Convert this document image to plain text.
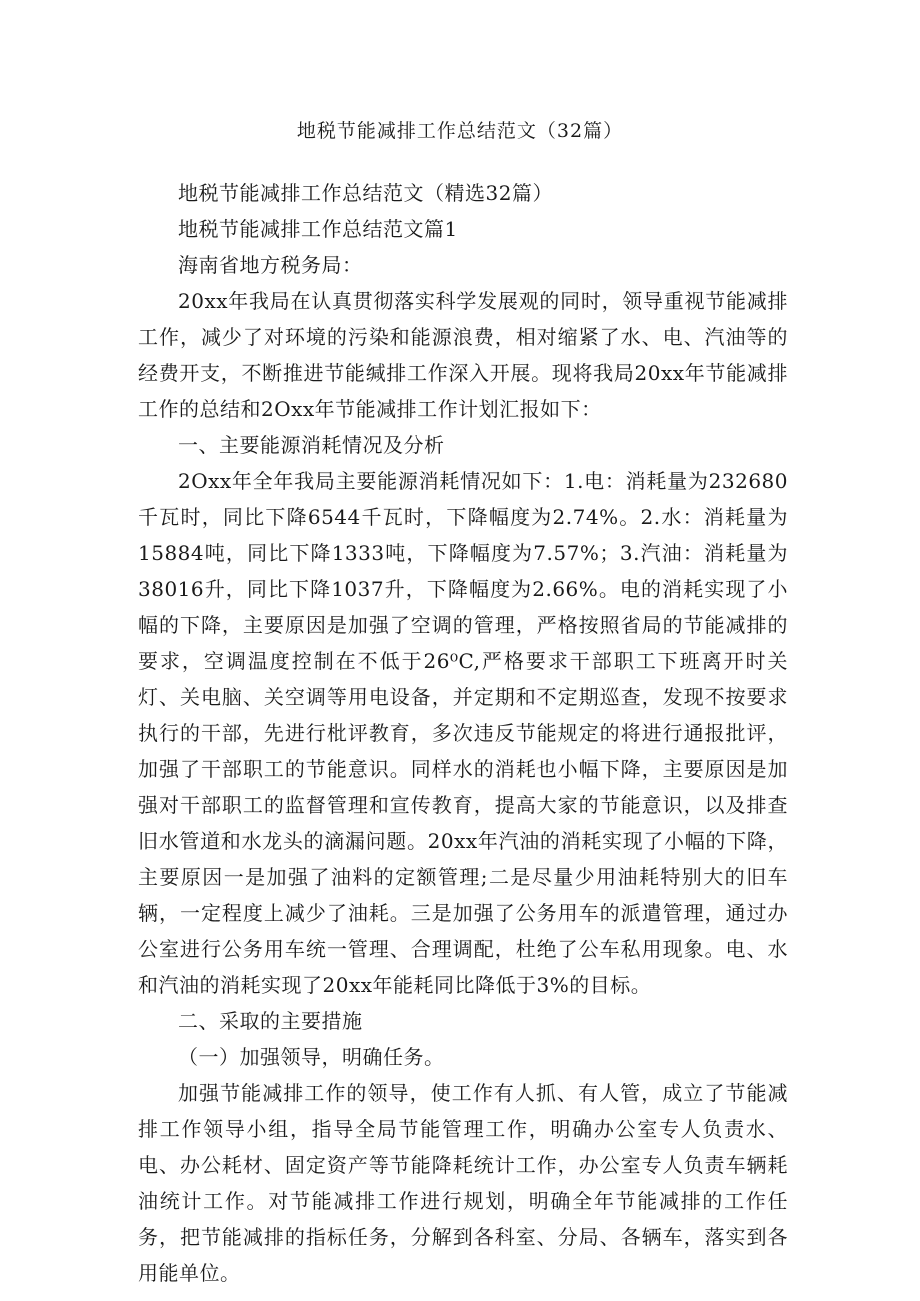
地税节能减排工作总结范文（32篇）

地税节能减排工作总结范文（精选32篇）

地税节能减排工作总结范文篇1

海南省地方税务局：

20xx年我局在认真贯彻落实科学发展观的同时，领导重视节能减排工作，减少了对环境的污染和能源浪费，相对缩紧了水、电、汽油等的经费开支，不断推进节能缄排工作深入开展。现将我局20xx年节能减排工作的总结和2Oxx年节能减排工作计划汇报如下：

一、主要能源消耗情况及分析

2Oxx年全年我局主要能源消耗情况如下：1.电：消耗量为232680千瓦时，同比下降6544千瓦时，下降幅度为2.74%。2.水：消耗量为15884吨，同比下降1333吨，下降幅度为7.57%；3.汽油：消耗量为38016升，同比下降1037升，下降幅度为2.66%。电的消耗实现了小幅的下降，主要原因是加强了空调的管理，严格按照省局的节能减排的要求，空调温度控制在不低于26⁰C,严格要求干部职工下班离开时关灯、关电脑、关空调等用电设备，并定期和不定期巡查，发现不按要求执行的干部，先进行枇评教育，多次违反节能规定的将进行通报批评，加强了干部职工的节能意识。同样水的消耗也小幅下降，主要原因是加强对干部职工的监督管理和宣传教育，提高大家的节能意识，以及排查旧水管道和水龙头的滴漏问题。20xx年汽油的消耗实现了小幅的下降，主要原因一是加强了油料的定额管理;二是尽量少用油耗特别大的旧车辆，一定程度上减少了油耗。三是加强了公务用车的派遣管理，通过办公室进行公务用车统一管理、合理调配，杜绝了公车私用现象。电、水和汽油的消耗实现了20xx年能耗同比降低于3%的目标。

二、采取的主要措施

（一）加强领导，明确任务。

加强节能减排工作的领导，使工作有人抓、有人管，成立了节能减排工作领导小组，指导全局节能管理工作，明确办公室专人负责水、电、办公耗材、固定资产等节能降耗统计工作，办公室专人负责车辆耗油统计工作。对节能减排工作进行规划，明确全年节能减排的工作任务，把节能减排的指标任务，分解到各科室、分局、各辆车，落实到各用能单位。
